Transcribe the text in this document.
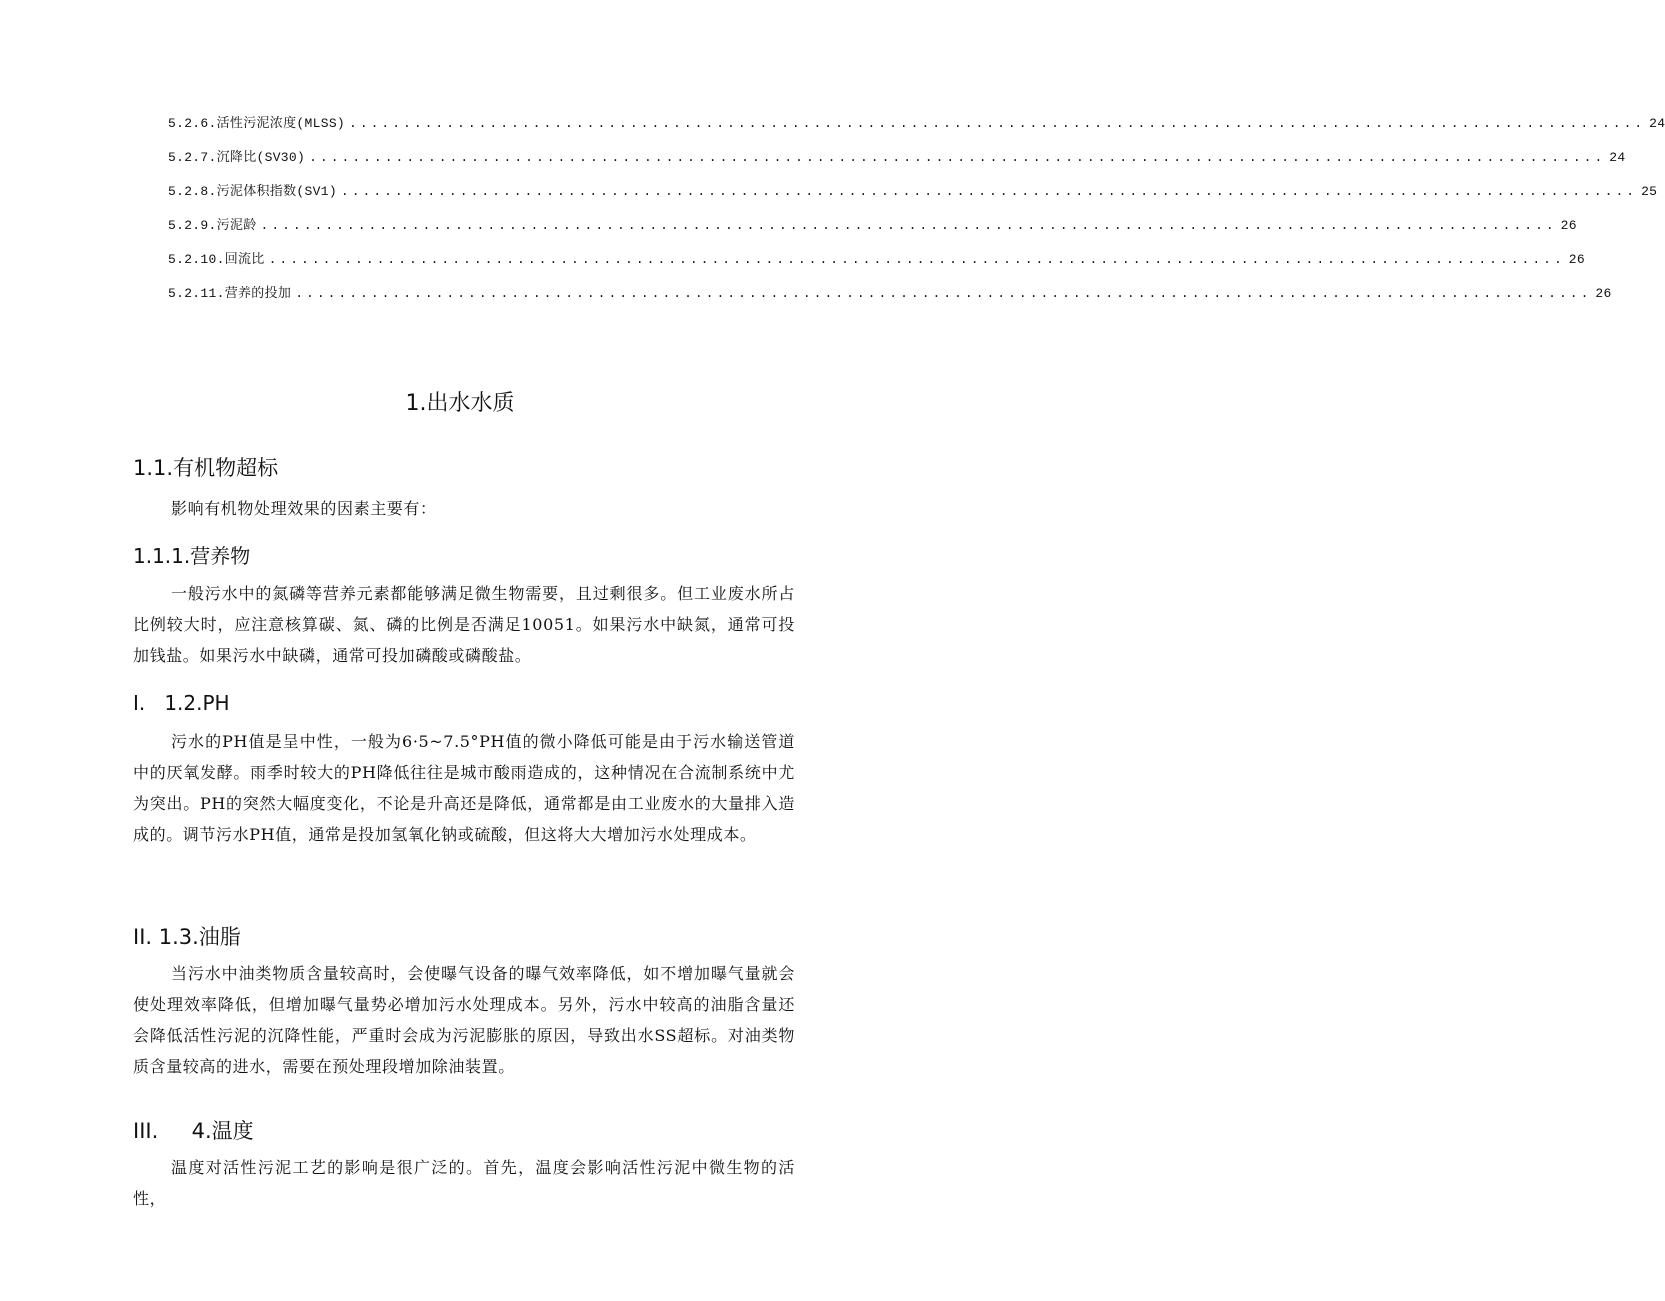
5.2.6.活性污泥浓度(MLSS) ........................................................................................................................ 24
5.2.7.沉降比(SV30) ........................................................................................................................ 24
5.2.8.污泥体积指数(SV1) ........................................................................................................................ 25
5.2.9.污泥龄 ........................................................................................................................ 26
5.2.10.回流比 ........................................................................................................................ 26
5.2.11.营养的投加 ........................................................................................................................ 26
1.出水水质
1.1.有机物超标
影响有机物处理效果的因素主要有：
1.1.1.营养物
一般污水中的氮磷等营养元素都能够满足微生物需要，且过剩很多。但工业废水所占比例较大时，应注意核算碳、氮、磷的比例是否满足10051。如果污水中缺氮，通常可投加钱盐。如果污水中缺磷，通常可投加磷酸或磷酸盐。
I.   1.2.PH
污水的PH值是呈中性，一般为6·5~7.5°PH值的微小降低可能是由于污水输送管道中的厌氧发酵。雨季时较大的PH降低往往是城市酸雨造成的，这种情况在合流制系统中尤为突出。PH的突然大幅度变化，不论是升高还是降低，通常都是由工业废水的大量排入造成的。调节污水PH值，通常是投加氢氧化钠或硫酸，但这将大大增加污水处理成本。
II. 1.3.油脂
当污水中油类物质含量较高时，会使曝气设备的曝气效率降低，如不增加曝气量就会使处理效率降低，但增加曝气量势必增加污水处理成本。另外，污水中较高的油脂含量还会降低活性污泥的沉降性能，严重时会成为污泥膨胀的原因，导致出水SS超标。对油类物质含量较高的进水，需要在预处理段增加除油装置。
III.     4.温度
温度对活性污泥工艺的影响是很广泛的。首先，温度会影响活性污泥中微生物的活性，
